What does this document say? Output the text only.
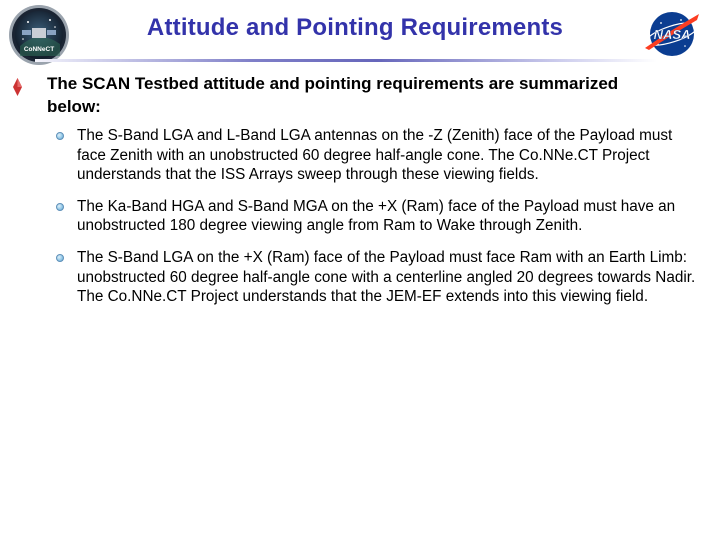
CoNNeCT
Attitude and Pointing Requirements	NASA
The SCAN Testbed attitude and pointing requirements are summarized below:
The S-Band LGA and L-Band LGA antennas on the -Z (Zenith) face of the Payload must face Zenith with an unobstructed 60 degree half-angle cone. The Co.NNe.CT Project understands that the ISS Arrays sweep through these viewing fields.
The Ka-Band HGA and S-Band MGA on the +X (Ram) face of the Payload must have an unobstructed 180 degree viewing angle from Ram to Wake through Zenith.
The S-Band LGA on the +X (Ram) face of the Payload must face Ram with an Earth Limb: unobstructed 60 degree half-angle cone with a centerline angled 20 degrees towards Nadir. The Co.NNe.CT Project understands that the JEM-EF extends into this viewing field.
